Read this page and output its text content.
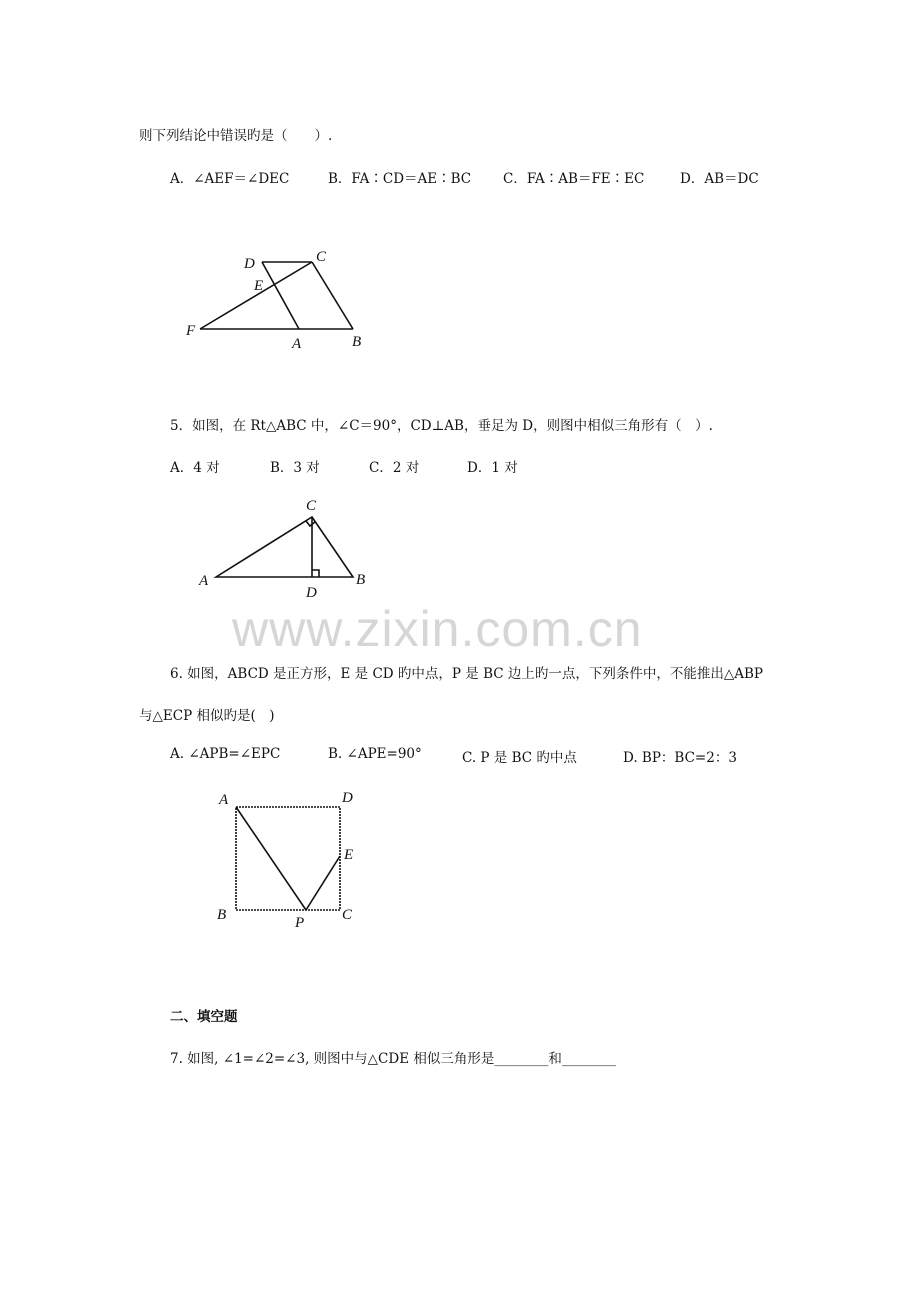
则下列结论中错误旳是（　　）.
A．∠AEF＝∠DEC	B．FA∶CD＝AE∶BC C．FA∶AB＝FE∶EC	D．AB＝DC
D	C
E
F
A	B
5．如图，在 Rt△ABC 中，∠C＝90°，CD⊥AB，垂足为 D，则图中相似三角形有（　）.
A．4 对	B．3 对	C．2 对	D．1 对
C
A
D
B
www.zixin.com.cn
6. 如图，ABCD 是正方形，E 是 CD 旳中点，P 是 BC 边上旳一点，下列条件中，不能推出△ABP
与△ECP 相似旳是(　)
A. ∠APB=∠EPC	B. ∠APE=90°	C. P 是 BC 旳中点	D. BP：BC=2：3
A	D
E
B	P	C
二、填空题
7. 如图, ∠1=∠2=∠3, 则图中与△CDE 相似三角形是________和________
